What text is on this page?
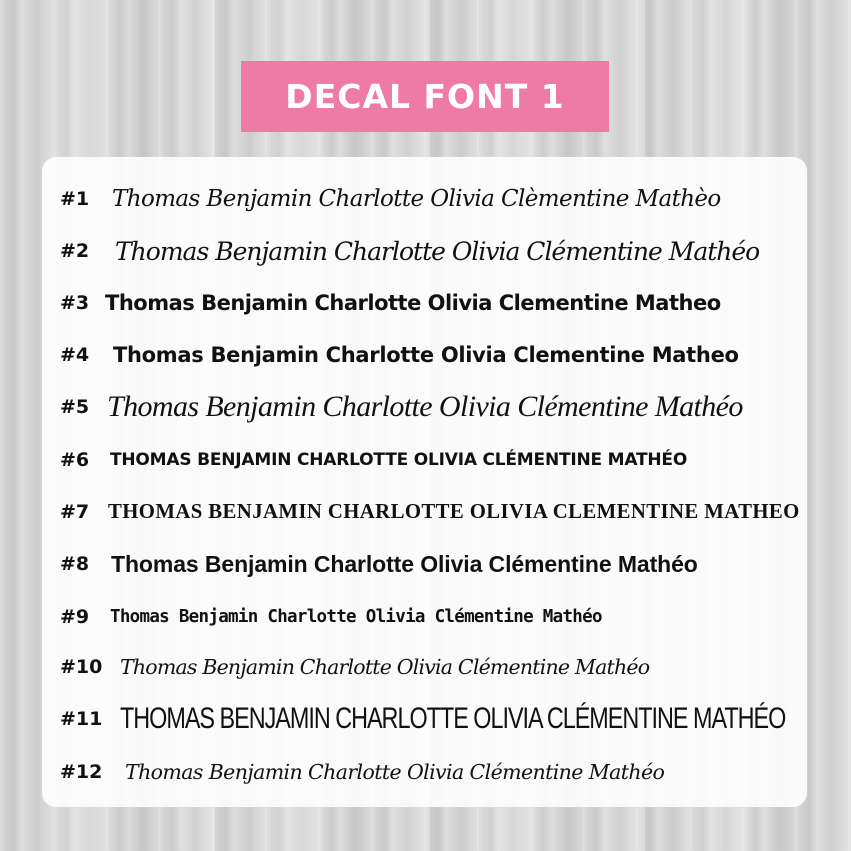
DECAL FONT 1
#1 Thomas Benjamin Charlotte Olivia Clèmentine Mathèo
#2	Thomas Benjamin Charlotte Olivia Clémentine Mathéo
#3 Thomas Benjamin Charlotte Olivia Clementine Matheo
#4	Thomas Benjamin Charlotte Olivia Clementine Matheo
#5 Thomas Benjamin Charlotte Olivia Clémentine Mathéo
#6	THOMAS BENJAMIN CHARLOTTE OLIVIA CLÉMENTINE MATHÉO
#7 THOMAS BENJAMIN CHARLOTTE OLIVIA CLEMENTINE MATHEO
#8 Thomas Benjamin Charlotte Olivia Clémentine Mathéo
#9	Thomas Benjamin Charlotte Olivia Clémentine Mathéo
#10 Thomas Benjamin Charlotte Olivia Clémentine Mathéo
#11 THOMAS BENJAMIN CHARLOTTE OLIVIA CLÉMENTINE MATHÉO
#12	Thomas Benjamin Charlotte Olivia Clémentine Mathéo
